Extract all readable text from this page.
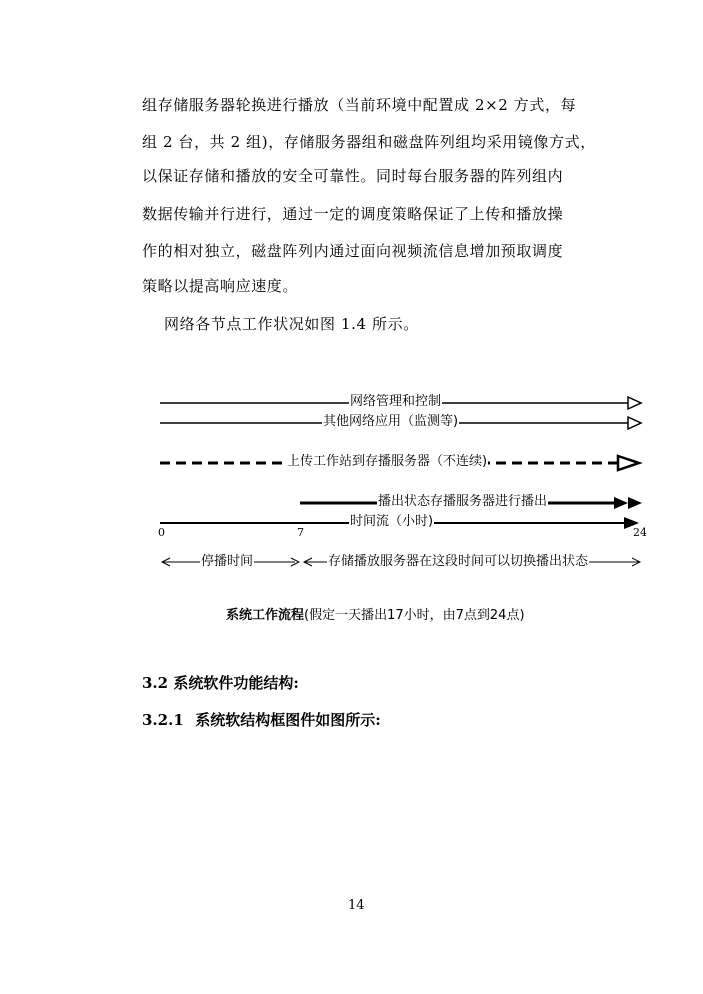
组存储服务器轮换进行播放（当前环境中配置成 2×2 方式，每
组 2 台，共 2 组)，存储服务器组和磁盘阵列组均采用镜像方式，
以保证存储和播放的安全可靠性。同时每台服务器的阵列组内
数据传输并行进行，通过一定的调度策略保证了上传和播放操
作的相对独立，磁盘阵列内通过面向视频流信息增加预取调度
策略以提高响应速度。
网络各节点工作状况如图 1.4 所示。
网络管理和控制
其他网络应用（监测等)
上传工作站到存播服务器（不连续)
播出状态存播服务器进行播出
时间流（小时)
0	7	24
停播时间	存储播放服务器在这段时间可以切换播出状态
系统工作流程(假定一天播出17小时，由7点到24点)
3.2 系统软件功能结构:
3.2.1 系统软结构框图件如图所示:
14
